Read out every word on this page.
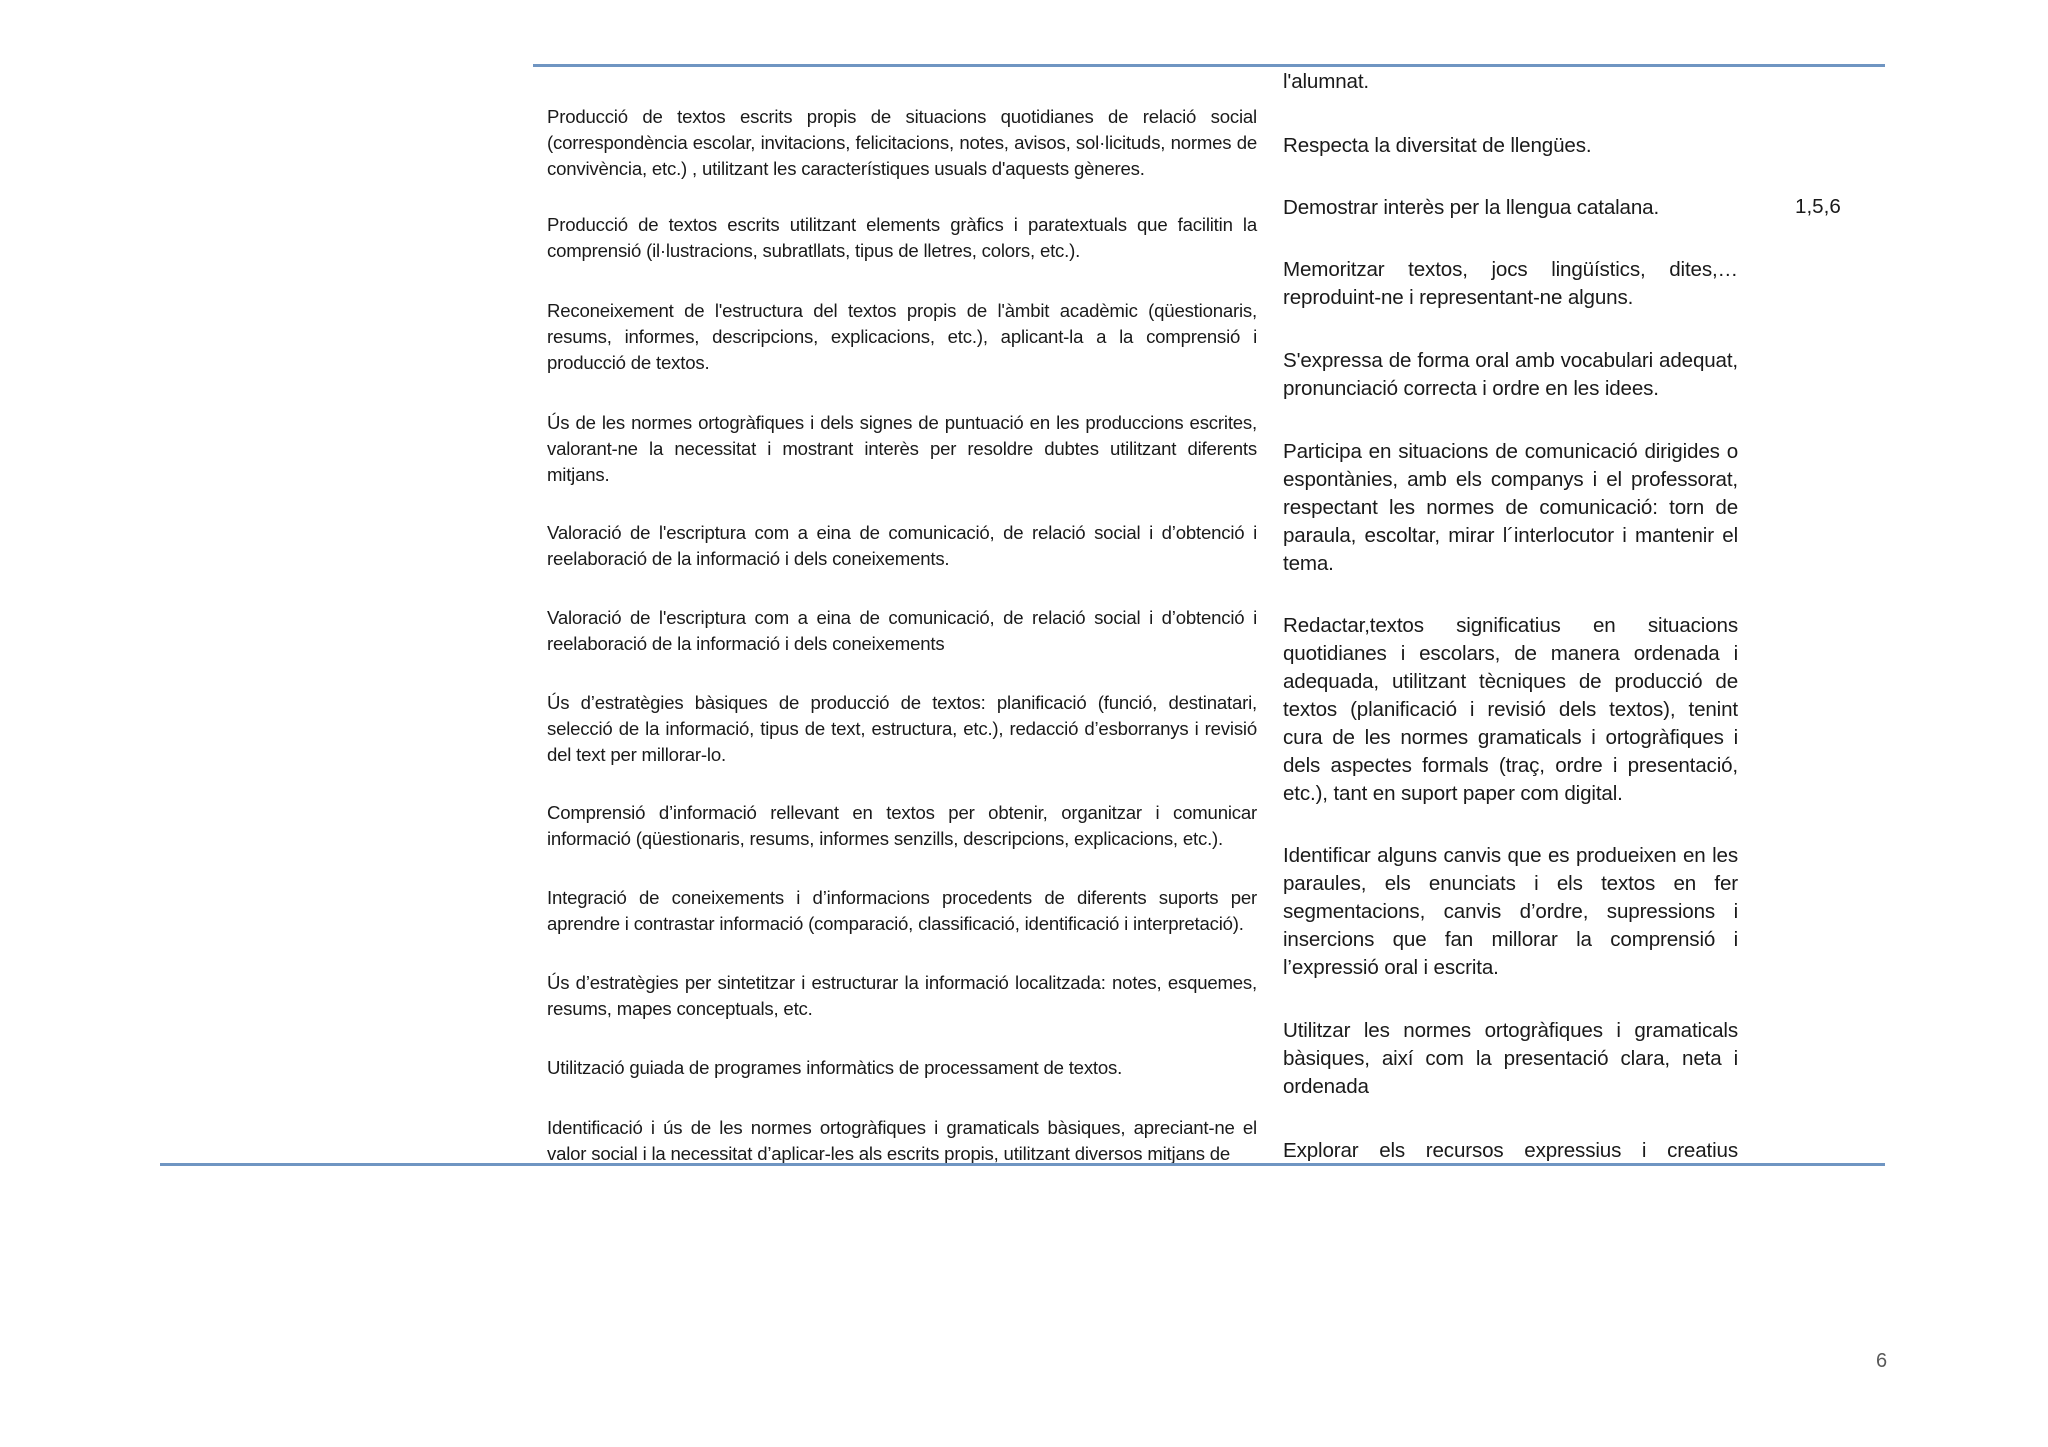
Producció de textos escrits propis de situacions quotidianes de relació social (correspondència escolar, invitacions, felicitacions, notes, avisos, sol·licituds, normes de convivència, etc.) , utilitzant les característiques usuals d'aquests gèneres.

Producció de textos escrits utilitzant elements gràfics i paratextuals que facilitin la comprensió (il·lustracions, subratllats, tipus de lletres, colors, etc.).

Reconeixement de l'estructura del textos propis de l'àmbit acadèmic (qüestionaris, resums, informes, descripcions, explicacions, etc.), aplicant-la a la comprensió i producció de textos.

Ús de les normes ortogràfiques i dels signes de puntuació en les produccions escrites, valorant-ne la necessitat i mostrant interès per resoldre dubtes utilitzant diferents mitjans.

Valoració de l'escriptura com a eina de comunicació, de relació social i d’obtenció i reelaboració de la informació i dels coneixements.

Valoració de l'escriptura com a eina de comunicació, de relació social i d’obtenció i reelaboració de la informació i dels coneixements

Ús d’estratègies bàsiques de producció de textos: planificació (funció, destinatari, selecció de la informació, tipus de text, estructura, etc.), redacció d’esborranys i revisió del text per millorar-lo.

Comprensió d’informació rellevant en textos per obtenir, organitzar i comunicar informació (qüestionaris, resums, informes senzills, descripcions, explicacions, etc.).

Integració de coneixements i d’informacions procedents de diferents suports per aprendre i contrastar informació (comparació, classificació, identificació i interpretació).

Ús d’estratègies per sintetitzar i estructurar la informació localitzada: notes, esquemes, resums, mapes conceptuals, etc.

Utilització guiada de programes informàtics de processament de textos.

Identificació i ús de les normes ortogràfiques i gramaticals bàsiques, apreciant-ne el valor social i la necessitat d’aplicar-les als escrits propis, utilitzant diversos mitjans de

l'alumnat.

Respecta la diversitat de llengües.

Demostrar interès per la llengua catalana.

Memoritzar textos, jocs lingüístics, dites,… reproduint-ne i representant-ne alguns.

S'expressa de forma oral amb vocabulari adequat, pronunciació correcta i ordre en les idees.

Participa en situacions de comunicació dirigides o espontànies, amb els companys i el professorat, respectant les normes de comunicació: torn de paraula, escoltar, mirar l´interlocutor i mantenir el tema.

Redactar,textos significatius en situacions quotidianes i escolars, de manera ordenada i adequada, utilitzant tècniques de producció de textos (planificació i revisió dels textos), tenint cura de les normes gramaticals i ortogràfiques i dels aspectes formals (traç, ordre i presentació, etc.), tant en suport paper com digital.

Identificar alguns canvis que es produeixen en les paraules, els enunciats i els textos en fer segmentacions, canvis d’ordre, supressions i insercions que fan millorar la comprensió i l’expressió oral i escrita.

Utilitzar les normes ortogràfiques i gramaticals bàsiques, així com la presentació clara, neta i ordenada

Explorar els recursos expressius i creatius

1,5,6
6
